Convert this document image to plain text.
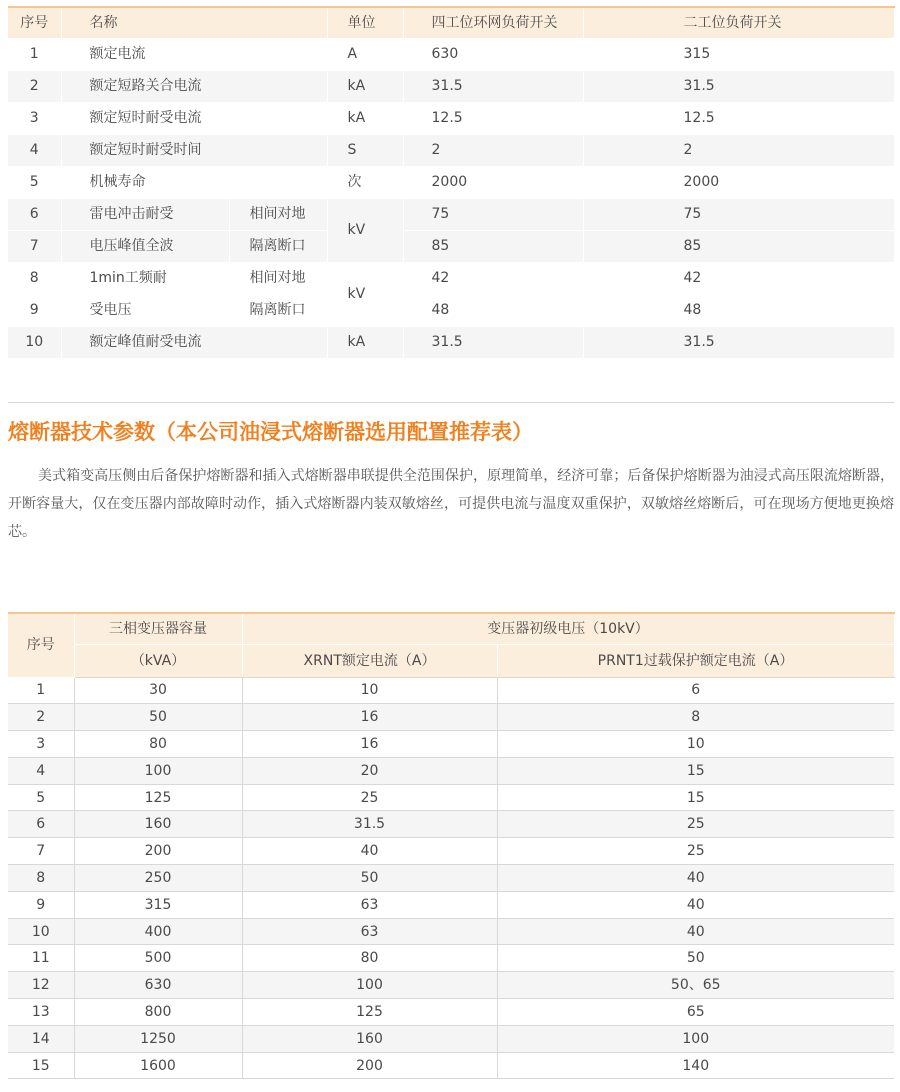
序号	名称		单位	四工位环网负荷开关	二工位负荷开关
1	额定电流		A	630	315
2	额定短路关合电流		kA	31.5	31.5
3	额定短时耐受电流		kA	12.5	12.5
4	额定短时耐受时间		S	2	2
5	机械寿命		次	2000	2000
6	雷电冲击耐受	相间对地	kV	75	75
7	电压峰值全波	隔离断口		85	85
8	1min工频耐	相间对地	kV	42	42
9	受电压	隔离断口		48	48
10	额定峰值耐受电流		kA	31.5	31.5
熔断器技术参数（本公司油浸式熔断器选用配置推荐表）

美式箱变高压侧由后备保护熔断器和插入式熔断器串联提供全范围保护，原理简单，经济可靠；后备保护熔断器为油浸式高压限流熔断器，开断容量大，仅在变压器内部故障时动作，插入式熔断器内装双敏熔丝，可提供电流与温度双重保护，双敏熔丝熔断后，可在现场方便地更换熔芯。

序号	三相变压器容量	变压器初级电压（10kV）	
	（kVA）	XRNT额定电流（A）	PRNT1过载保护额定电流（A）
1	30	10	6
2	50	16	8
3	80	16	10
4	100	20	15
5	125	25	15
6	160	31.5	25
7	200	40	25
8	250	50	40
9	315	63	40
10	400	63	40
11	500	80	50
12	630	100	50、65
13	800	125	65
14	1250	160	100
15	1600	200	140
